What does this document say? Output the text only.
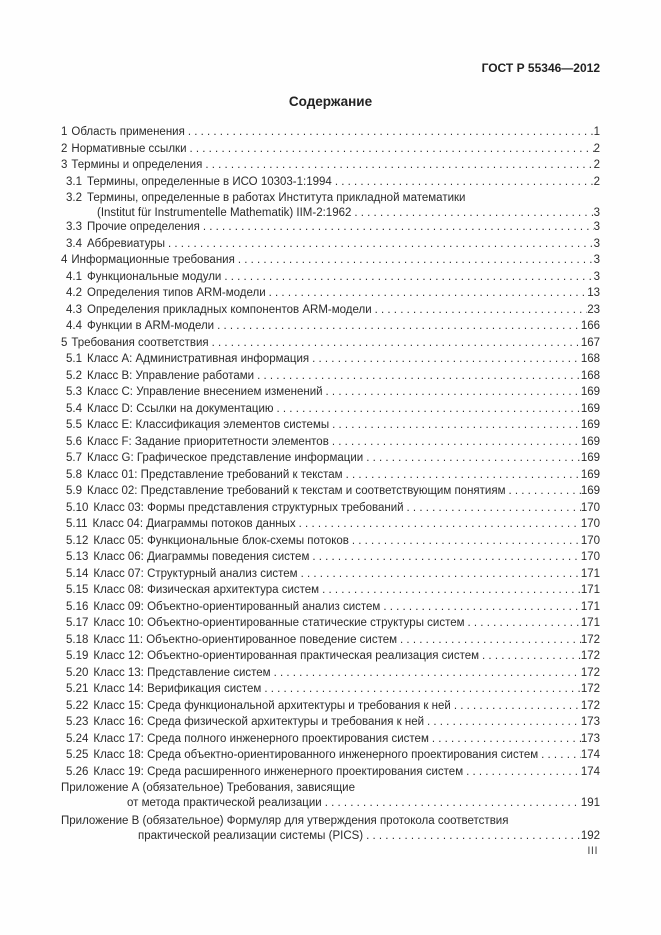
ГОСТ Р 55346—2012
Содержание
1 Область применения . . .	1
2 Нормативные ссылки . . .	2
3 Термины и определения . . .	2
3.1 Термины, определенные в ИСО 10303-1:1994 . . .	2
3.2 Термины, определенные в работах Института прикладной математики
(Institut für Instrumentelle Mathematik) IIM-2:1962 . . .	3
3.3 Прочие определения . . .	3
3.4 Аббревиатуры . . .	3
4 Информационные требования . . .	3
4.1 Функциональные модули . . .	3
4.2 Определения типов ARM-модели . . .	13
4.3 Определения прикладных компонентов ARM-модели . . .	23
4.4 Функции в ARM-модели . . .	166
5 Требования соответствия . . .	167
5.1 Класс А: Административная информация . . .	168
5.2 Класс В: Управление работами . . .	168
5.3 Класс С: Управление внесением изменений . . .	169
5.4 Класс D: Ссылки на документацию . . .	169
5.5 Класс Е: Классификация элементов системы . . .	169
5.6 Класс F: Задание приоритетности элементов . . .	169
5.7 Класс G: Графическое представление информации . . .	169
5.8 Класс 01: Представление требований к текстам . . .	169
5.9 Класс 02: Представление требований к текстам и соответствующим понятиям . . .	169
5.10 Класс 03: Формы представления структурных требований . . .	170
5.11 Класс 04: Диаграммы потоков данных . . .	170
5.12 Класс 05: Функциональные блок-схемы потоков . . .	170
5.13 Класс 06: Диаграммы поведения систем . . .	170
5.14 Класс 07: Структурный анализ систем . . .	171
5.15 Класс 08: Физическая архитектура систем . . .	171
5.16 Класс 09: Объектно-ориентированный анализ систем . . .	171
5.17 Класс 10: Объектно-ориентированные статические структуры систем . . .	171
5.18 Класс 11: Объектно-ориентированное поведение систем . . .	172
5.19 Класс 12: Объектно-ориентированная практическая реализация систем . . .	172
5.20 Класс 13: Представление систем . . .	172
5.21 Класс 14: Верификация систем . . .	172
5.22 Класс 15: Среда функциональной архитектуры и требования к ней . . .	172
5.23 Класс 16: Среда физической архитектуры и требования к ней . . .	173
5.24 Класс 17: Среда полного инженерного проектирования систем . . .	173
5.25 Класс 18: Среда объектно-ориентированного инженерного проектирования систем . . .	174
5.26 Класс 19: Среда расширенного инженерного проектирования систем . . .	174
Приложение А (обязательное) Требования, зависящие
от метода практической реализации . . .	191
Приложение В (обязательное) Формуляр для утверждения протокола соответствия
практической реализации системы (PICS) . . .	192
III
